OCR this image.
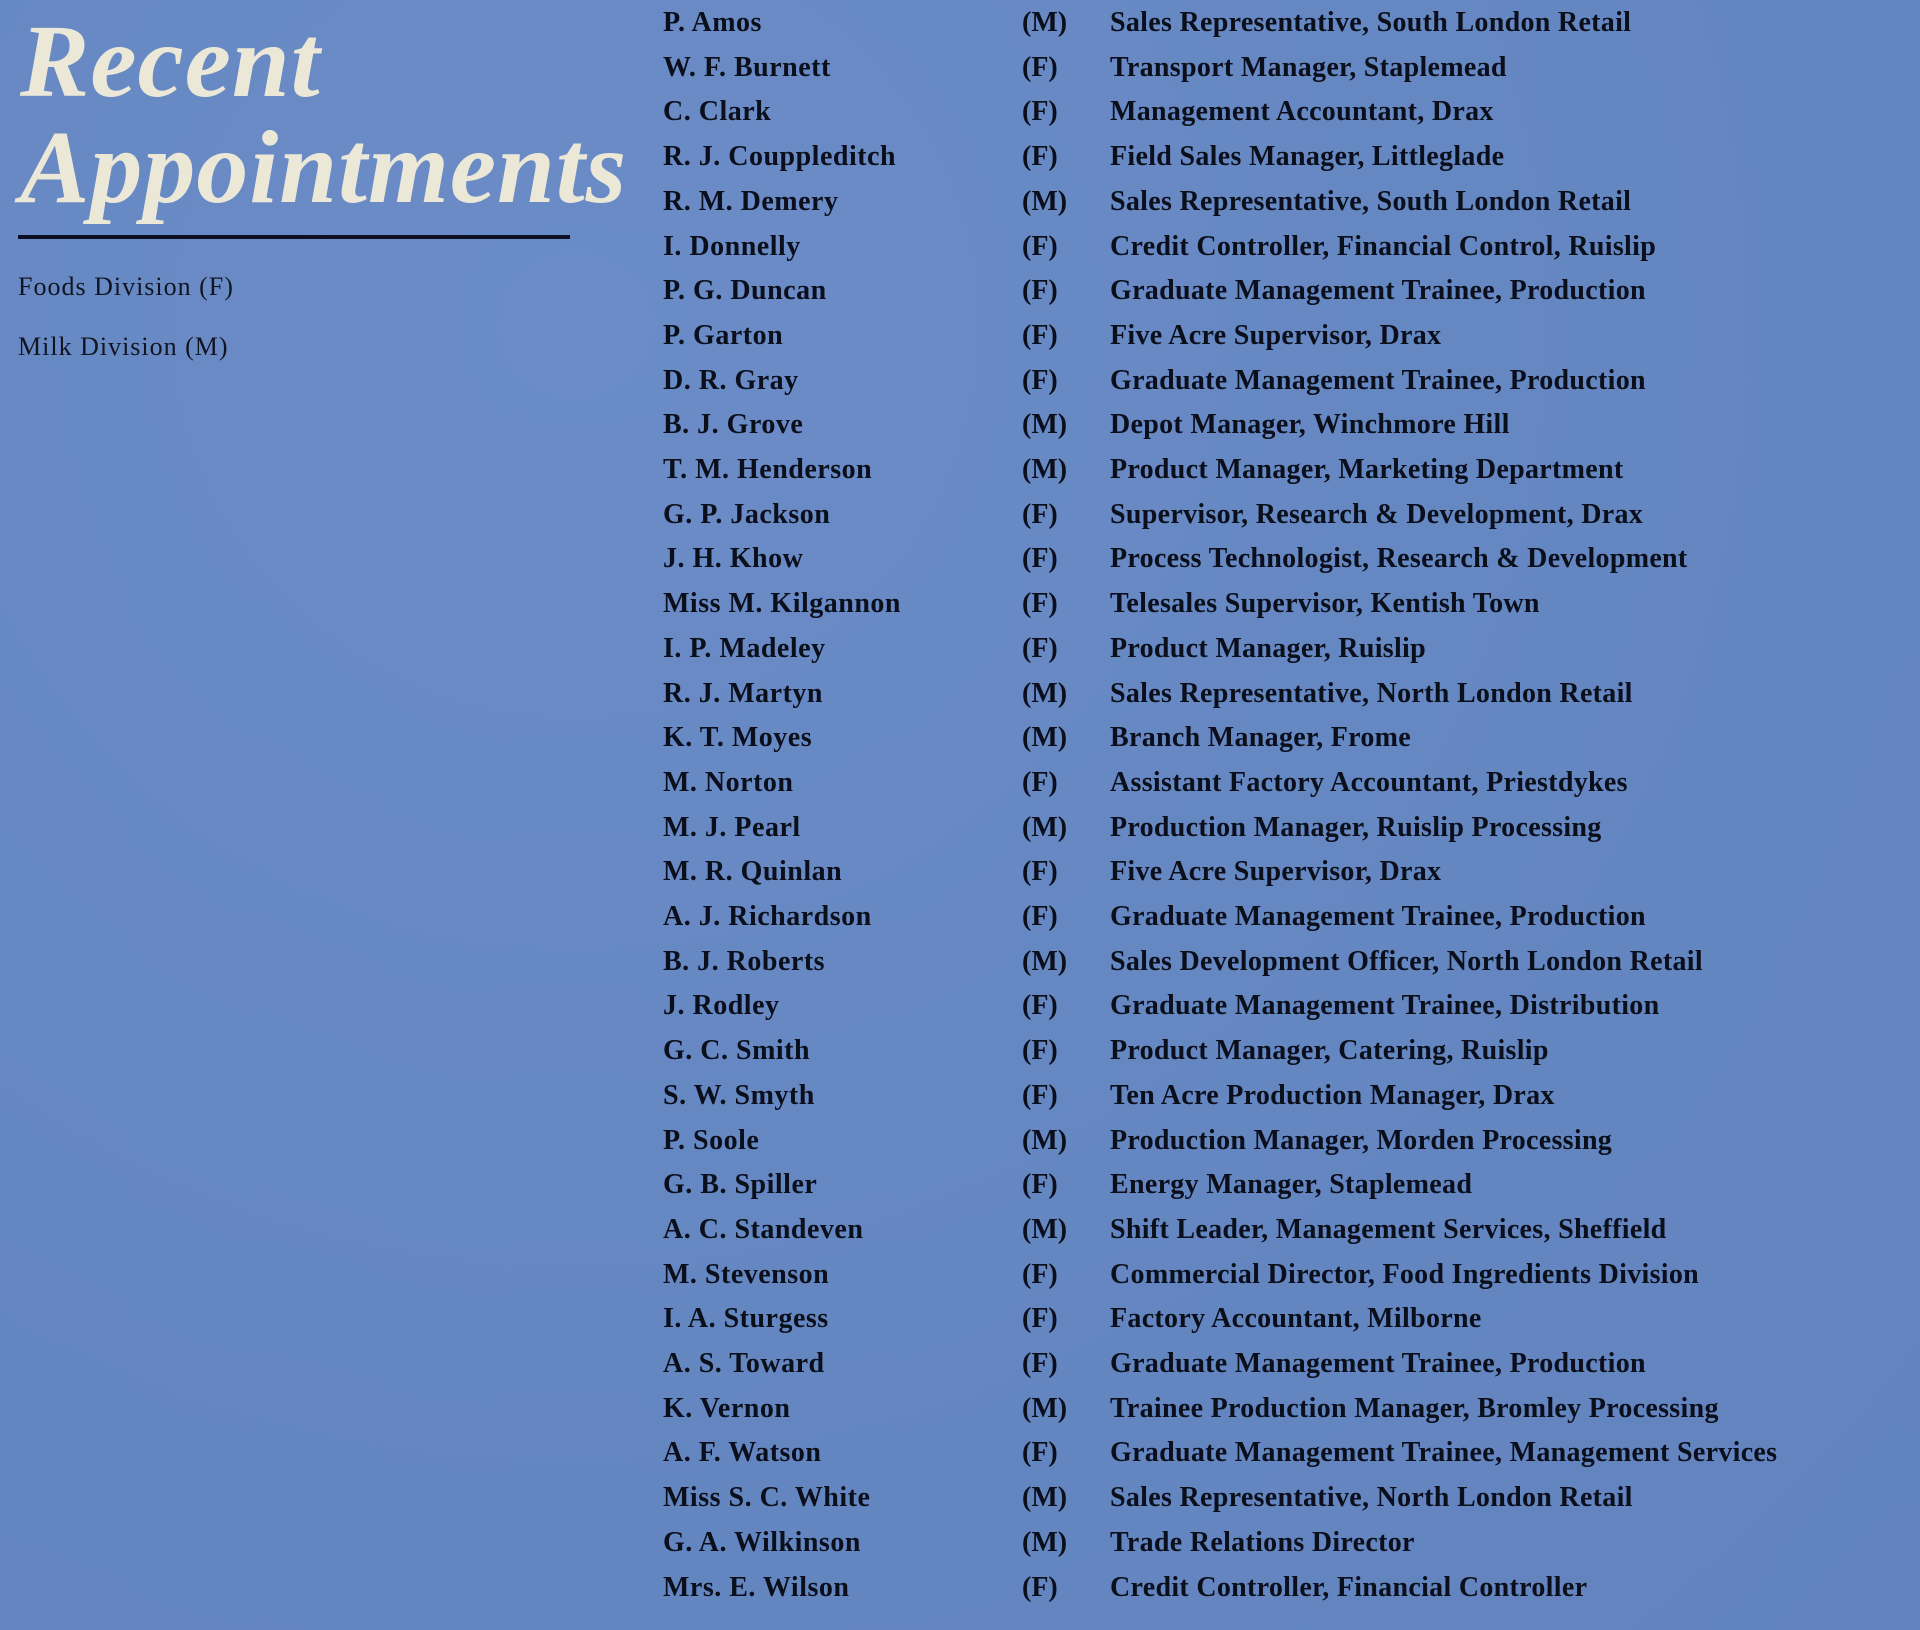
Recent
Appointments
Foods Division (F)
Milk Division (M)
P. Amos	(M) Sales Representative, South London Retail
W. F. Burnett	(F) Transport Manager, Staplemead
C. Clark	(F) Management Accountant, Drax
R. J. Couppleditch	(F) Field Sales Manager, Littleglade
R. M. Demery	(M) Sales Representative, South London Retail
I. Donnelly	(F) Credit Controller, Financial Control, Ruislip
P. G. Duncan	(F) Graduate Management Trainee, Production
P. Garton	(F) Five Acre Supervisor, Drax
D. R. Gray	(F) Graduate Management Trainee, Production
B. J. Grove	(M) Depot Manager, Winchmore Hill
T. M. Henderson	(M) Product Manager, Marketing Department
G. P. Jackson	(F) Supervisor, Research & Development, Drax
J. H. Khow	(F) Process Technologist, Research & Development
Miss M. Kilgannon	(F) Telesales Supervisor, Kentish Town
I. P. Madeley	(F) Product Manager, Ruislip
R. J. Martyn	(M) Sales Representative, North London Retail
K. T. Moyes	(M) Branch Manager, Frome
M. Norton	(F) Assistant Factory Accountant, Priestdykes
M. J. Pearl	(M) Production Manager, Ruislip Processing
M. R. Quinlan	(F) Five Acre Supervisor, Drax
A. J. Richardson	(F) Graduate Management Trainee, Production
B. J. Roberts	(M) Sales Development Officer, North London Retail
J. Rodley	(F) Graduate Management Trainee, Distribution
G. C. Smith	(F) Product Manager, Catering, Ruislip
S. W. Smyth	(F) Ten Acre Production Manager, Drax
P. Soole	(M) Production Manager, Morden Processing
G. B. Spiller	(F) Energy Manager, Staplemead
A. C. Standeven	(M) Shift Leader, Management Services, Sheffield
M. Stevenson	(F) Commercial Director, Food Ingredients Division
I. A. Sturgess	(F) Factory Accountant, Milborne
A. S. Toward	(F) Graduate Management Trainee, Production
K. Vernon	(M) Trainee Production Manager, Bromley Processing
A. F. Watson	(F) Graduate Management Trainee, Management Services
Miss S. C. White	(M) Sales Representative, North London Retail
G. A. Wilkinson	(M) Trade Relations Director
Mrs. E. Wilson	(F) Credit Controller, Financial Controller
